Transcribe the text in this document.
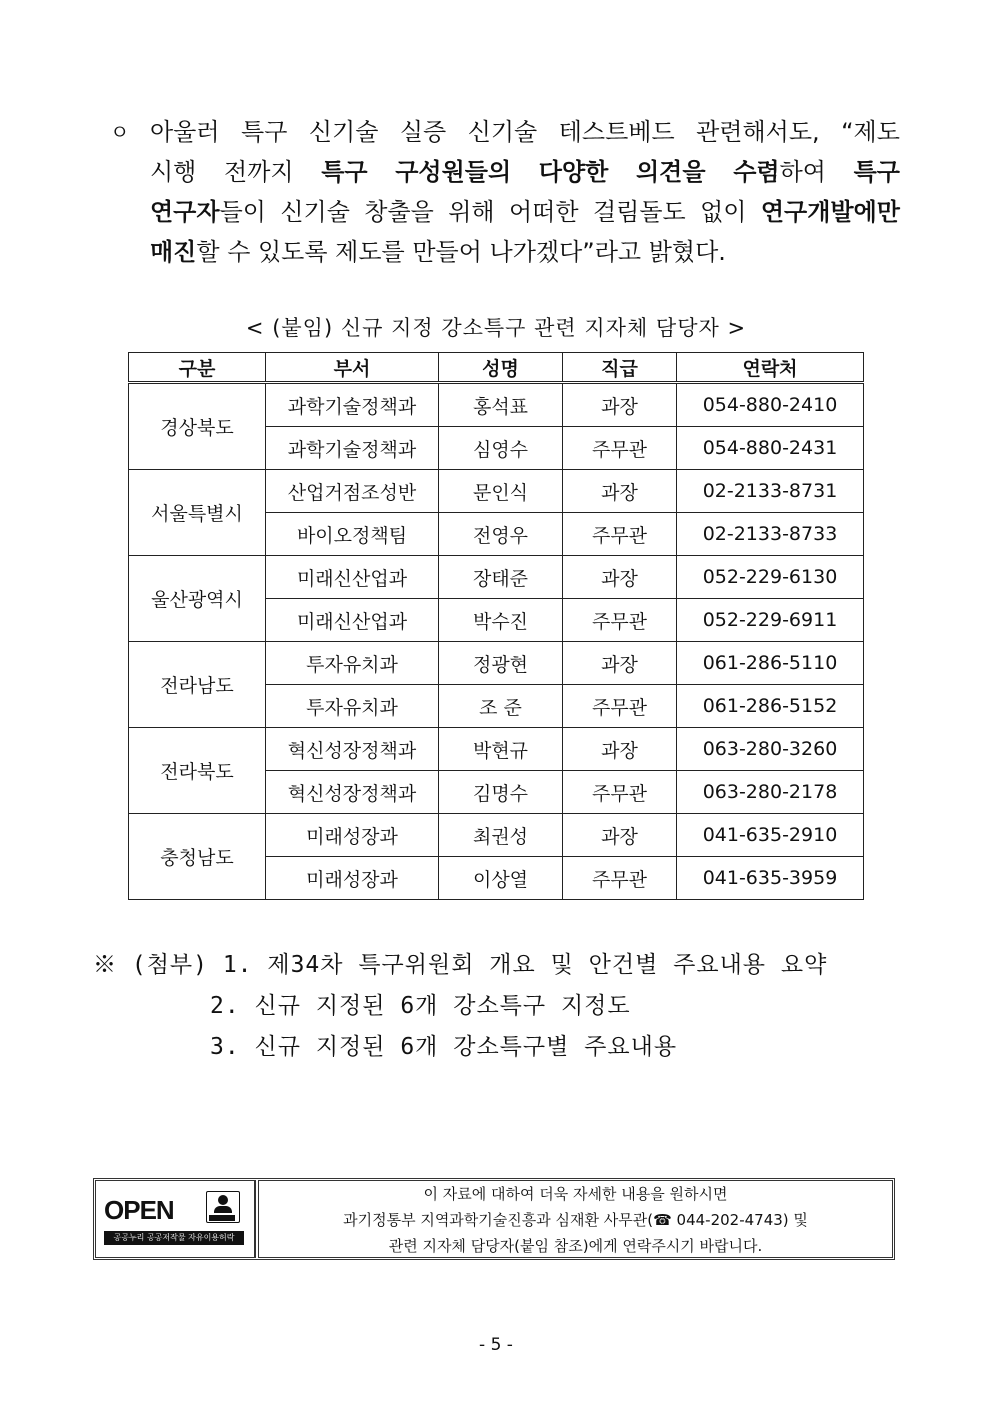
ㅇ 아울러 특구 신기술 실증 신기술 테스트베드 관련해서도, “제도
시행 전까지 특구 구성원들의 다양한 의견을 수렴하여 특구
연구자들이 신기술 창출을 위해 어떠한 걸림돌도 없이 연구개발에만
매진 할 수 있도록 제도를 만들어 나가겠다”라고 밝혔다.
< (붙임) 신규 지정 강소특구 관련 지자체 담당자 >
구분	부서	성명	직급	연락처
경상북도	과학기술정책과	홍석표	과장	054-880-2410
	과학기술정책과	심영수	주무관	054-880-2431
서울특별시	산업거점조성반	문인식	과장	02-2133-8731
	바이오정책팀	전영우	주무관	02-2133-8733
울산광역시	미래신산업과	장태준	과장	052-229-6130
	미래신산업과	박수진	주무관	052-229-6911
전라남도	투자유치과	정광현	과장	061-286-5110
	투자유치과	조 준	주무관	061-286-5152
전라북도	혁신성장정책과	박현규	과장	063-280-3260
	혁신성장정책과	김명수	주무관	063-280-2178
충청남도	미래성장과	최권성	과장	041-635-2910
	미래성장과	이상열	주무관	041-635-3959
※ (첨부) 1. 제34차 특구위원회 개요 및 안건별 주요내용 요약
2. 신규 지정된 6개 강소특구 지정도
3. 신규 지정된 6개 강소특구별 주요내용
OPEN
공공누리 공공저작물 자유이용허락
이 자료에 대하여 더욱 자세한 내용을 원하시면
과기정통부 지역과학기술진흥과 심재환 사무관(☎ 044-202-4743) 및
관련 지자체 담당자(붙임 참조)에게 연락주시기 바랍니다.
- 5 -
